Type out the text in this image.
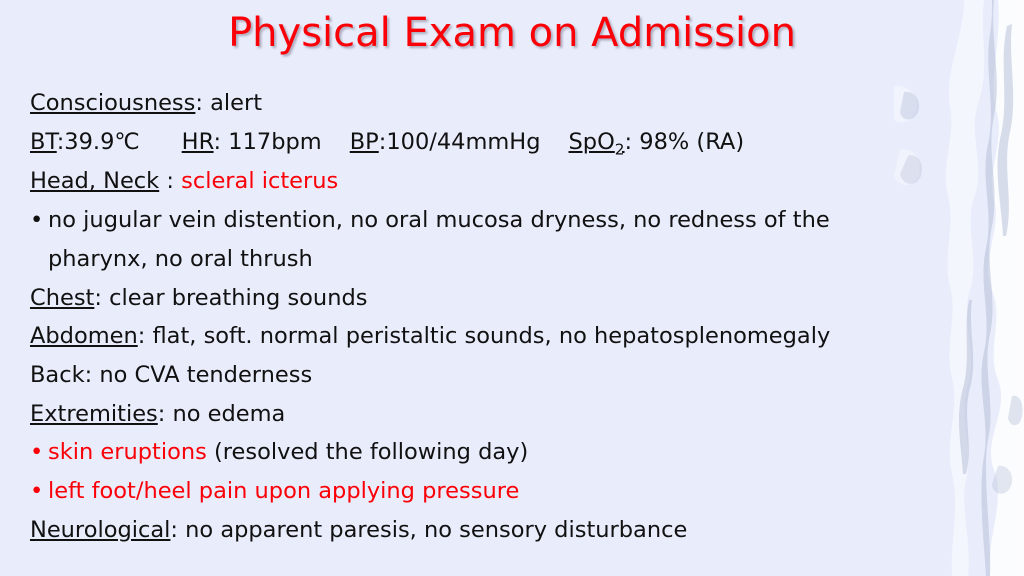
Physical Exam on Admission
Consciousness: alert
BT:39.9℃ HR: 117bpm BP:100/44mmHg SpO$_2$: 98% (RA)
Head, Neck : scleral icterus
• no jugular vein distention, no oral mucosa dryness, no redness of the pharynx, no oral thrush
Chest: clear breathing sounds
Abdomen: flat, soft. normal peristaltic sounds, no hepatosplenomegaly
Back: no CVA tenderness
Extremities: no edema
• skin eruptions (resolved the following day)
• left foot/heel pain upon applying pressure
Neurological: no apparent paresis, no sensory disturbance
